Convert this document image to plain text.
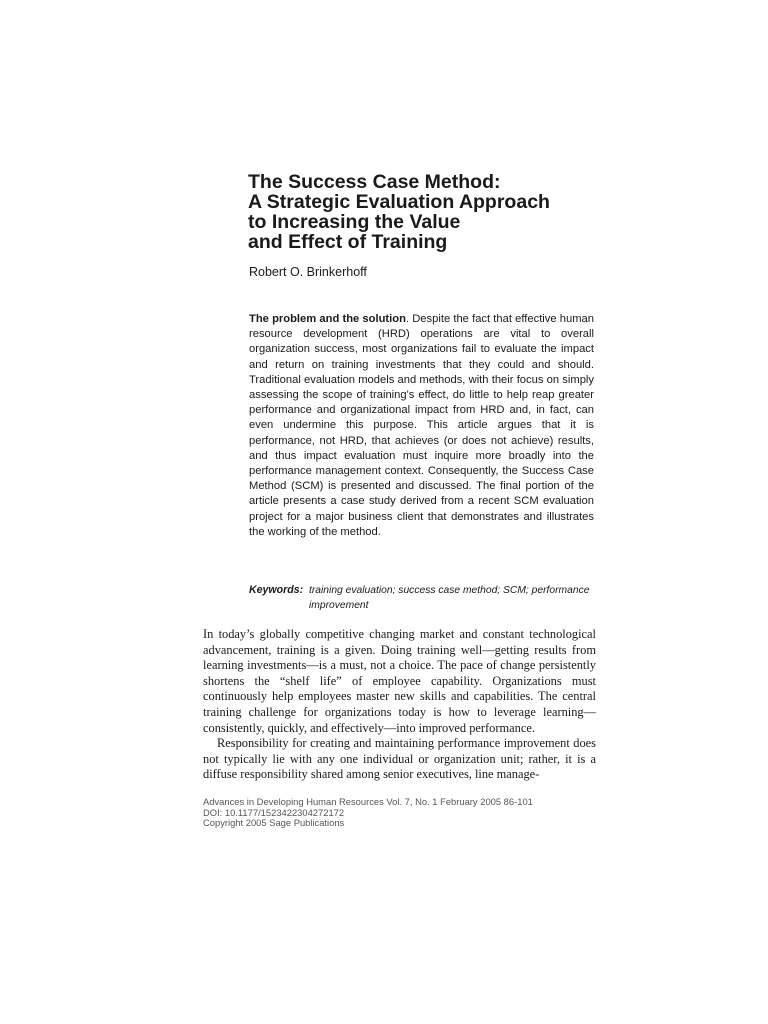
The Success Case Method:
A Strategic Evaluation Approach
to Increasing the Value
and Effect of Training
Robert O. Brinkerhoff

The problem and the solution. Despite the fact that effective human resource development (HRD) operations are vital to overall organization success, most organizations fail to evaluate the impact and return on training investments that they could and should. Traditional evaluation models and methods, with their focus on simply assessing the scope of training's effect, do little to help reap greater performance and organizational impact from HRD and, in fact, can even undermine this purpose. This article argues that it is performance, not HRD, that achieves (or does not achieve) results, and thus impact evaluation must inquire more broadly into the performance management context. Consequently, the Success Case Method (SCM) is presented and discussed. The final portion of the article presents a case study derived from a recent SCM evaluation project for a major business client that demonstrates and illustrates the working of the method.

Keywords: training evaluation; success case method; SCM; performance improvement

In today’s globally competitive changing market and constant technological advancement, training is a given. Doing training well—getting results from learning investments—is a must, not a choice. The pace of change persistently shortens the “shelf life” of employee capability. Organizations must continuously help employees master new skills and capabilities. The central training challenge for organizations today is how to leverage learning—consistently, quickly, and effectively—into improved performance.

Responsibility for creating and maintaining performance improvement does not typically lie with any one individual or organization unit; rather, it is a diffuse responsibility shared among senior executives, line manage-

Advances in Developing Human Resources Vol. 7, No. 1 February 2005 86-101
DOI: 10.1177/1523422304272172
Copyright 2005 Sage Publications
